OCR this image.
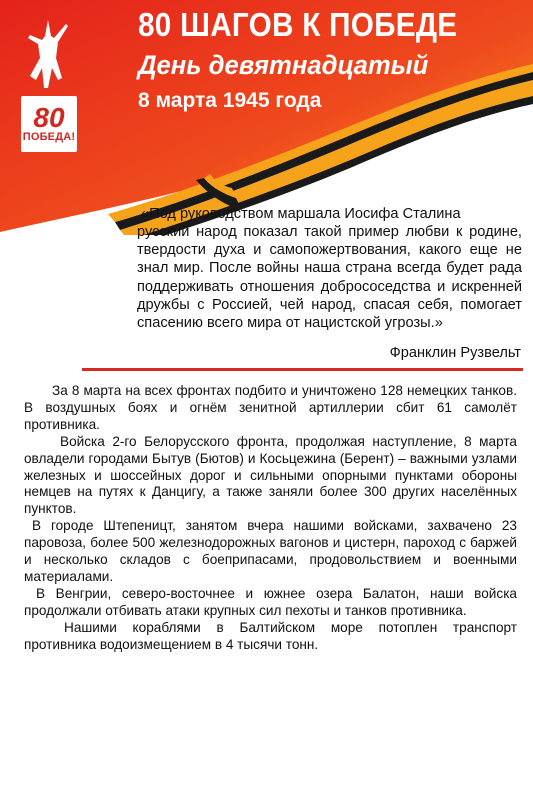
80
ПОБЕДА!
80 ШАГОВ К ПОБЕДЕ
День девятнадцатый
8 марта 1945 года

«Под руководством маршала Иосифа Сталина

русский народ показал такой пример любви к родине, твердости духа и самопожертвования, какого еще не знал мир. После войны наша страна всегда будет рада поддерживать отношения добрососедства и искренней дружбы с Россией, чей народ, спасая себя, помогает спасению всего мира от нацистской угрозы.»

Франклин Рузвельт

За 8 марта на всех фронтах подбито и уничтожено 128 немецких танков. В воздушных боях и огнём зенитной артиллерии сбит 61 самолёт противника.

Войска 2-го Белорусского фронта, продолжая наступление, 8 марта овладели городами Бытув (Бютов) и Косьцежина (Берент) – важными узлами железных и шоссейных дорог и сильными опорными пунктами обороны немцев на путях к Данцигу, а также заняли более 300 других населённых пунктов.

В городе Штепеницт, занятом вчера нашими войсками, захвачено 23 паровоза, более 500 железнодорожных вагонов и цистерн, пароход с баржей и несколько складов с боеприпасами, продовольствием и военными материалами.

В Венгрии, северо-восточнее и южнее озера Балатон, наши войска продолжали отбивать атаки крупных сил пехоты и танков противника.

Нашими кораблями в Балтийском море потоплен транспорт противника водоизмещением в 4 тысячи тонн.
